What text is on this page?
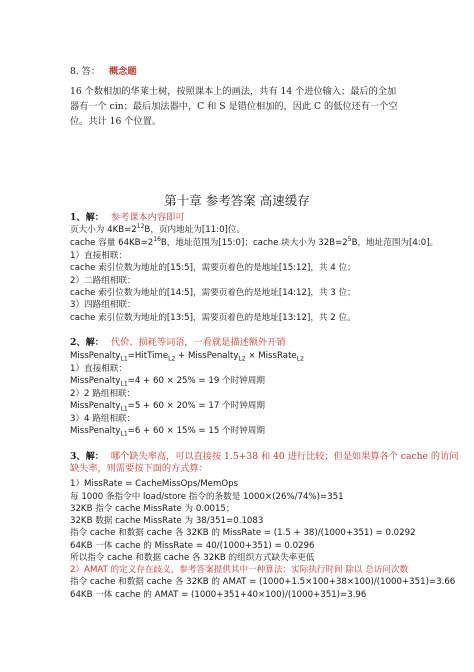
8. 答： 概念题
16 个数相加的华莱士树，按照课本上的画法，共有 14 个进位输入；最后的全加
器有一个 cin；最后加法器中，C 和 S 是错位相加的，因此 C 的低位还有一个空
位。共计 16 个位置。
第十章 参考答案 高速缓存
1、解： 参考课本内容即可
页大小为 $4KB=2^{12}B$，页内地址为[11:0]位。
cache 容量 $64KB=2^{16}B$，地址范围为[15:0]；cache 块大小为 $32B=2^5B$，地址范围为[4:0]。
1）直接相联：
cache 索引位数为地址的[15:5]，需要页着色的是地址[15:12]，共 4 位；
2）二路组相联：
cache 索引位数为地址的[14:5]，需要页着色的是地址[14:12]，共 3 位；
3）四路组相联：
cache 索引位数为地址的[13:5]，需要页着色的是地址[13:12]，共 2 位。
2、解： 代价、损耗等词语，一看就是描述额外开销
MissPenalty$_{L1}$=HitTime$_{L2}$ + MissPenalty$_{L2}$ × MissRate$_{L2}$
1）直接相联：
MissPenalty$_{L1}$=4 + 60 × 25% = 19 个时钟周期
2）2 路组相联：
MissPenalty$_{L1}$=5 + 60 × 20% = 17 个时钟周期
3）4 路组相联：
MissPenalty$_{L1}$=6 + 60 × 15% = 15 个时钟周期
3、解： 哪个缺失率高，可以直接按 1.5+38 和 40 进行比较；但是如果算各个 cache 的访问
缺失率，则需要按下面的方式算：
1）MissRate = CacheMissOps/MemOps
每 1000 条指令中 load/store 指令的条数是 1000×(26%/74%)=351
32KB 指令 cache MissRate 为 0.0015；
32KB 数据 cache MissRate 为 38/351=0.1083
指令 cache 和数据 cache 各 32KB 的 MissRate = (1.5 + 38)/(1000+351) = 0.0292
64KB 一体 cache 的 MissRate = 40/(1000+351) = 0.0296
所以指令 cache 和数据 cache 各 32KB 的组织方式缺失率更低
2）AMAT 的定义存在歧义，参考答案提供其中一种算法：实际执行时间 除以 总访问次数
指令 cache 和数据 cache 各 32KB 的 AMAT = (1000+1.5×100+38×100)/(1000+351)=3.66
64KB 一体 cache 的 AMAT = (1000+351+40×100)/(1000+351)=3.96
